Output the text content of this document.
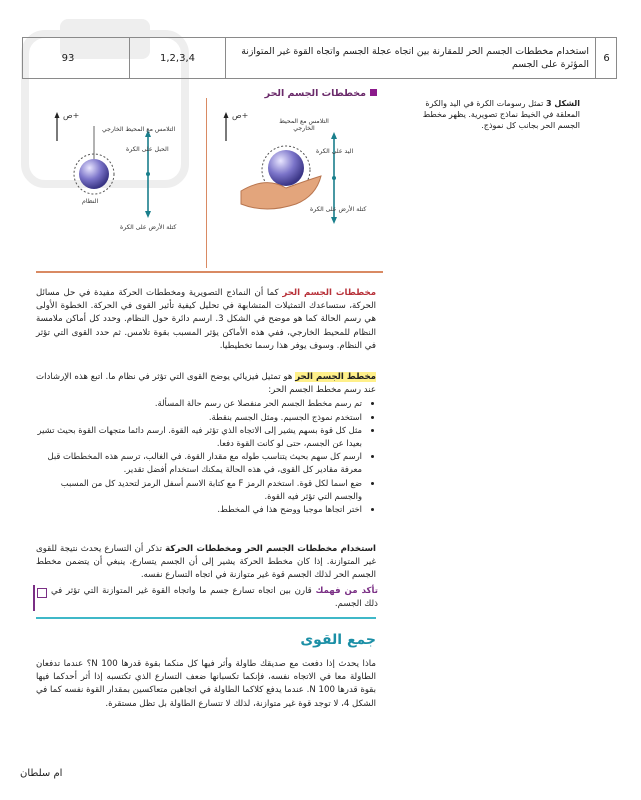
93	1,2,3,4
استخدام مخططات الجسم الحر للمقارنة بين اتجاه عجلة الجسم واتجاه القوة غير المتوازنة المؤثرة على الجسم
6
مخططات الجسم الحر
+ص
التلامس مع المحيط الخارجي
الحبل على الكرة
كتلة الأرض على الكرة
النظام
+ص
التلامس مع المحيط الخارجي
اليد على الكرة
كتلة الأرض على الكرة
الشكل 3 تمثل رسومات الكرة في اليد والكرة المعلقة في الخيط نماذج تصويرية. يظهر مخطط الجسم الحر بجانب كل نموذج.
مخططات الجسم الحر كما أن النماذج التصويرية ومخططات الحركة مفيدة في حل مسائل الحركة، ستساعدك التمثيلات المتشابهة في تحليل كيفية تأثير القوى في الحركة. الخطوة الأولى هي رسم الحالة كما هو موضح في الشكل 3. ارسم دائرة حول النظام. وحدد كل أماكن ملامسة النظام للمحيط الخارجي، ففي هذه الأماكن يؤثر المسبب بقوة تلامس. ثم حدد القوى التي تؤثر في النظام. وسوف يوفر هذا رسما تخطيطيا.
مخطط الجسم الحر هو تمثيل فيزيائي يوضح القوى التي تؤثر في نظام ما. اتبع هذه الإرشادات عند رسم مخطط الجسم الحر:
• تم رسم مخطط الجسم الحر منفصلا عن رسم حالة المسألة.
• استخدم نموذج الجسيم. ومثل الجسم بنقطة.
• مثل كل قوة بسهم يشير إلى الاتجاه الذي تؤثر فيه القوة. ارسم دائما متجهات القوة بحيث تشير بعيدا عن الجسم، حتى لو كانت القوة دفعا.
• ارسم كل سهم بحيث يتناسب طوله مع مقدار القوة. في الغالب، ترسم هذه المخططات قبل معرفة مقادير كل القوى، في هذه الحالة يمكنك استخدام أفضل تقدير.
• ضع اسما لكل قوة. استخدم الرمز F مع كتابة الاسم أسفل الرمز لتحديد كل من المسبب والجسم التي تؤثر فيه القوة.
• اختر اتجاها موجبا ووضح هذا في المخطط.
استخدام مخططات الجسم الحر ومخططات الحركة تذكر أن التسارع يحدث نتيجة للقوى غير المتوازنة. إذا كان مخطط الحركة يشير إلى أن الجسم يتسارع، ينبغي أن يتضمن مخطط الجسم الحر لذلك الجسم قوة غير متوازنة في اتجاه التسارع نفسه.
تأكد من فهمك قارن بين اتجاه تسارع جسم ما واتجاه القوة غير المتوازنة التي تؤثر في ذلك الجسم.
جمع القوى
ماذا يحدث إذا دفعت مع صديقك طاولة وأثر فيها كل منكما بقوة قدرها 100 N؟ عندما تدفعان الطاولة معا في الاتجاه نفسه، فإنكما تكسبانها ضعف التسارع الذي تكتسبه إذا أثر أحدكما فيها بقوة قدرها 100 N. عندما يدفع كلاكما الطاولة في اتجاهين متعاكسين بمقدار القوة نفسه كما في الشكل 4، لا توجد قوة غير متوازنة، لذلك لا تتسارع الطاولة بل تظل مستقرة.
ام سلطان
